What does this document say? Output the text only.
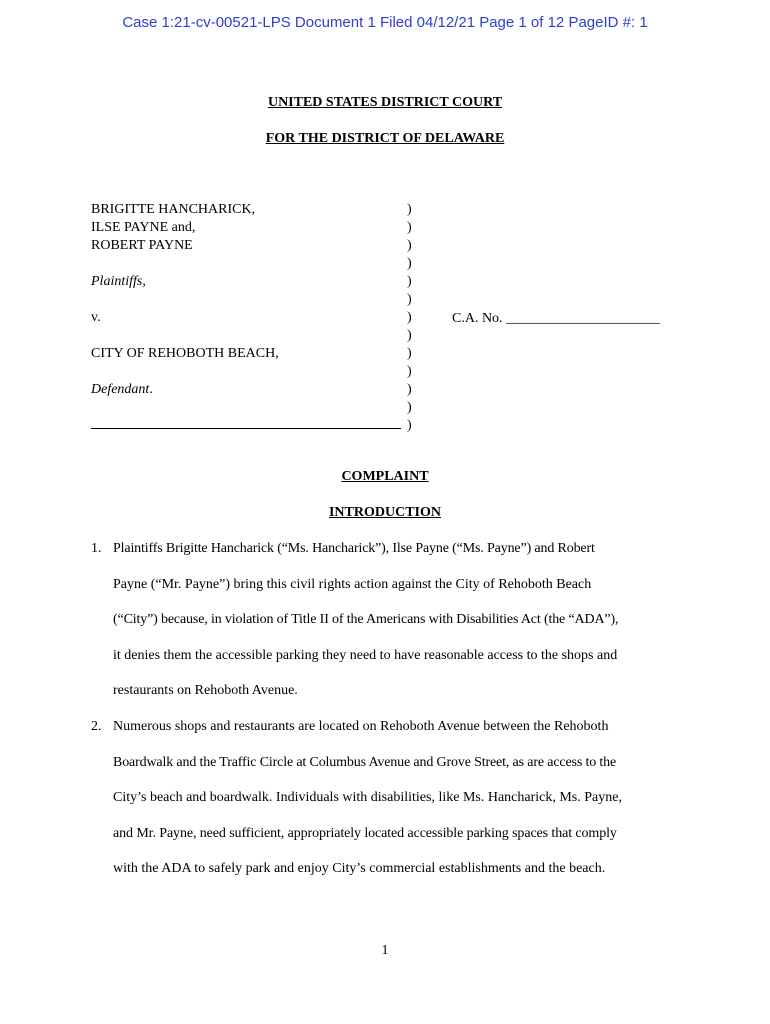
Case 1:21-cv-00521-LPS Document 1 Filed 04/12/21 Page 1 of 12 PageID #: 1
UNITED STATES DISTRICT COURT
FOR THE DISTRICT OF DELAWARE
BRIGITTE HANCHARICK,
ILSE PAYNE and,
ROBERT PAYNE
Plaintiffs,
v.
CITY OF REHOBOTH BEACH,
Defendant.
)
)
)
)
)
)
)
)
)
)
)
)
)
C.A. No. ______________________
COMPLAINT
INTRODUCTION
1. Plaintiffs Brigitte Hancharick (“Ms. Hancharick”), Ilse Payne (“Ms. Payne”) and Robert
Payne (“Mr. Payne”) bring this civil rights action against the City of Rehoboth Beach
(“City”) because, in violation of Title II of the Americans with Disabilities Act (the “ADA”),
it denies them the accessible parking they need to have reasonable access to the shops and
restaurants on Rehoboth Avenue.
2. Numerous shops and restaurants are located on Rehoboth Avenue between the Rehoboth
Boardwalk and the Traffic Circle at Columbus Avenue and Grove Street, as are access to the
City’s beach and boardwalk. Individuals with disabilities, like Ms. Hancharick, Ms. Payne,
and Mr. Payne, need sufficient, appropriately located accessible parking spaces that comply
with the ADA to safely park and enjoy City’s commercial establishments and the beach.
1
